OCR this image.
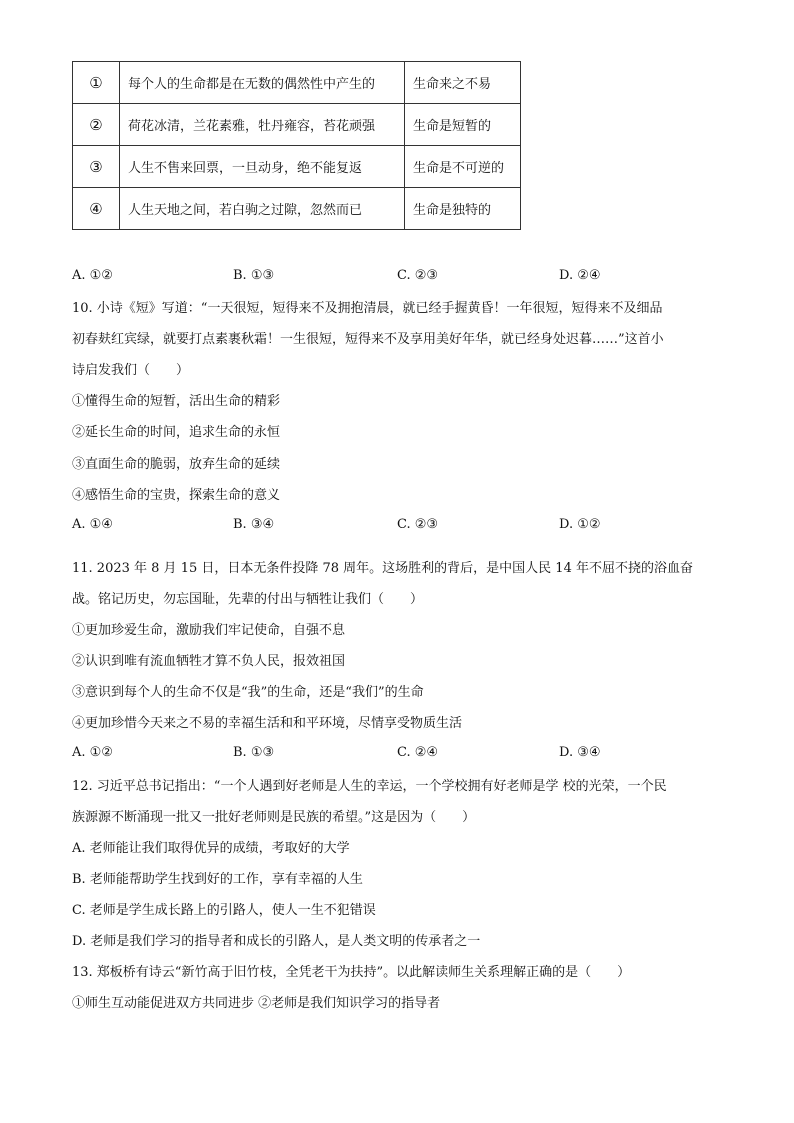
①	每个人的生命都是在无数的偶然性中产生的	生命来之不易
②	荷花冰清，兰花素雅，牡丹雍容，苔花顽强	生命是短暂的
③	人生不售来回票，一旦动身，绝不能复返	生命是不可逆的
④	人生天地之间，若白驹之过隙，忽然而已	生命是独特的
A. ①②	B. ①③	C. ②③	D. ②④
10. 小诗《短》写道：“一天很短，短得来不及拥抱清晨，就已经手握黄昏！一年很短，短得来不及细品
初春麸红宾绿，就要打点素裹秋霜！一生很短，短得来不及享用美好年华，就已经身处迟暮……”这首小
诗启发我们（　　）
①懂得生命的短暂，活出生命的精彩
②延长生命的时间，追求生命的永恒
③直面生命的脆弱，放弃生命的延续
④感悟生命的宝贵，探索生命的意义
A. ①④	B. ③④	C. ②③	D. ①②
11. 2023 年 8 月 15 日，日本无条件投降 78 周年。这场胜利的背后，是中国人民 14 年不屈不挠的浴血奋
战。铭记历史，勿忘国耻，先辈的付出与牺牲让我们（　　）
①更加珍爱生命，激励我们牢记使命，自强不息
②认识到唯有流血牺牲才算不负人民，报效祖国
③意识到每个人的生命不仅是“我”的生命，还是“我们”的生命
④更加珍惜今天来之不易的幸福生活和和平环境，尽情享受物质生活
A. ①②	B. ①③	C. ②④	D. ③④
12. 习近平总书记指出：“一个人遇到好老师是人生的幸运，一个学校拥有好老师是学 校的光荣，一个民
族源源不断涌现一批又一批好老师则是民族的希望。”这是因为（　　）
A. 老师能让我们取得优异的成绩，考取好的大学
B. 老师能帮助学生找到好的工作，享有幸福的人生
C. 老师是学生成长路上的引路人，使人一生不犯错误
D. 老师是我们学习的指导者和成长的引路人，是人类文明的传承者之一
13. 郑板桥有诗云“新竹高于旧竹枝，全凭老干为扶持”。以此解读师生关系理解正确的是（　　）
①师生互动能促进双方共同进步 ②老师是我们知识学习的指导者
